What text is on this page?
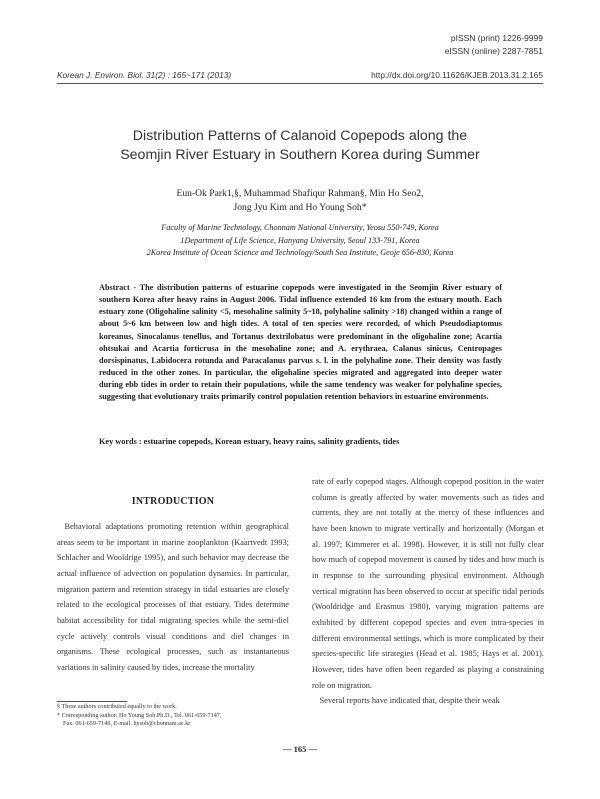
pISSN (print) 1226-9999
eISSN (online) 2287-7851
Korean J. Environ. Biol. 31(2) : 165~171 (2013)	http://dx.doi.org/10.11626/KJEB.2013.31.2.165
Distribution Patterns of Calanoid Copepods along the
Seomjin River Estuary in Southern Korea during Summer
Eun-Ok Park1,§, Muhammad Shafiqur Rahman§, Min Ho Seo2,
Jong Jyu Kim and Ho Young Soh*
Faculty of Marine Technology, Chonnam National University, Yeosu 550-749, Korea
1Department of Life Science, Hanyang University, Seoul 133-791, Korea
2Korea Institute of Ocean Science and Technology/South Sea Institute, Geoje 656-830, Korea
Abstract - The distribution patterns of estuarine copepods were investigated in the Seomjin River estuary of southern Korea after heavy rains in August 2006. Tidal influence extended 16 km from the estuary mouth. Each estuary zone (Oligohaline salinity <5, mesohaline salinity 5~18, polyhaline salinity >18) changed within a range of about 5~6 km between low and high tides. A total of ten species were recorded, of which Pseudodiaptomus koreanus, Sinocalanus tenellus, and Tortanus dextrilobatus were predominant in the oligohaline zone; Acartia ohtsukai and Acartia forticrusa in the mesohaline zone; and A. erythraea, Calanus sinicus, Centropages dorsispinatus, Labidocera rotunda and Paracalanus parvus s. l. in the polyhaline zone. Their density was fastly reduced in the other zones. In particular, the oligohaline species migrated and aggregated into deeper water during ebb tides in order to retain their populations, while the same tendency was weaker for polyhaline species, suggesting that evolutionary traits primarily control population retention behaviors in estuarine environments.
Key words : estuarine copepods, Korean estuary, heavy rains, salinity gradients, tides
INTRODUCTION

Behavioral adaptations promoting retention within geographical areas seem to be important in marine zooplankton (Kaartvedt 1993; Schlacher and Wooldrige 1995), and such behavior may decrease the actual influence of advection on population dynamics. In particular, migration pattern and retention strategy in tidal estuaries are closely related to the ecological processes of that estuary. Tides determine habitat accessibility for tidal migrating species while the semi-diel cycle actively controls visual conditions and diel changes in organisms. These ecological processes, such as instantaneous variations in salinity caused by tides, increase the mortality

rate of early copepod stages. Although copepod position in the water column is greatly affected by water movements such as tides and currents, they are not totally at the mercy of these influences and have been known to migrate vertically and horizontally (Morgan et al. 1997; Kimmerer et al. 1998). However, it is still not fully clear how much of copepod movement is caused by tides and how much is in response to the surrounding physical environment. Although vertical migration has been observed to occur at specific tidal periods (Wooldridge and Erasmus 1980), varying migration patterns are exhibited by different copepod species and even intra-species in different environmental settings, which is more complicated by their species-specific life strategies (Head et al. 1985; Hays et al. 2001). However, tides have often been regarded as playing a constraining role on migration.

Several reports have indicated that, despite their weak

§ These authors contributed equally to the work.
* Corresponding author: Ho Young Soh Ph.D., Tel. 061-659-7147,
Fax. 061-659-7149, E-mail. hysoh@chonnam.ac.kr
— 165 —
